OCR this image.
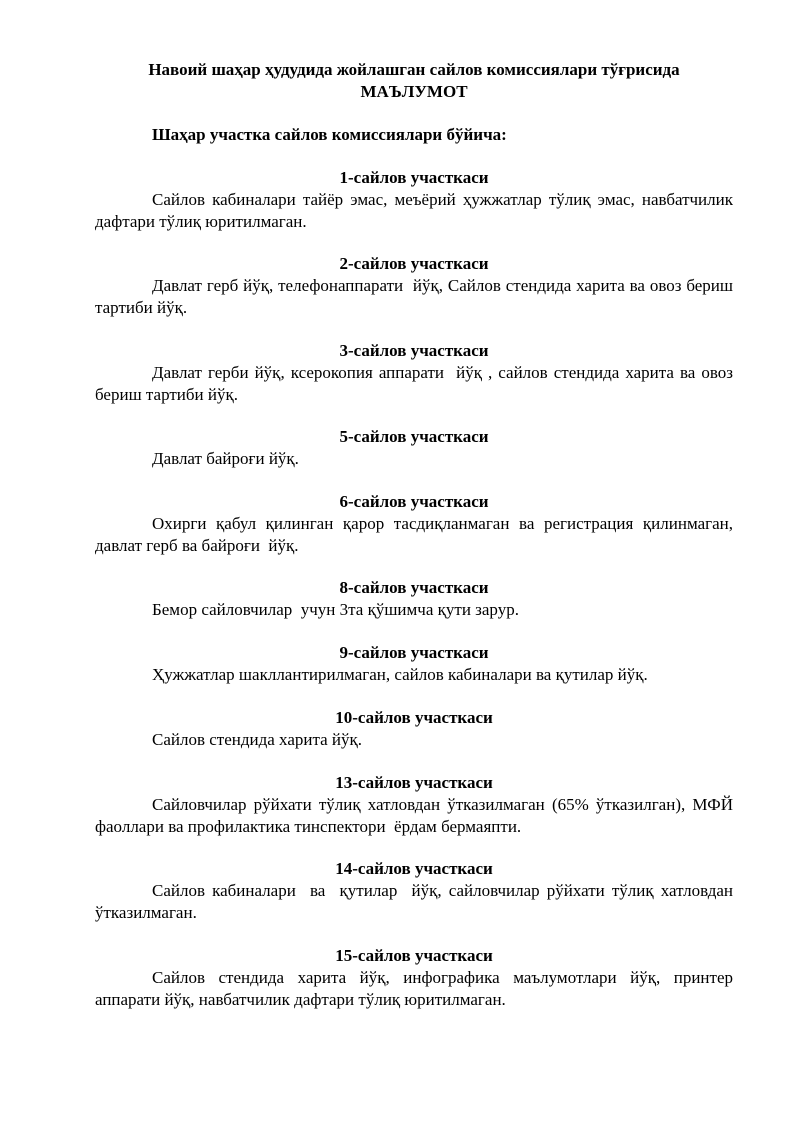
Навоий шаҳар ҳудудида жойлашган сайлов комиссиялари тўғрисида
МАЪЛУМОТ
Шаҳар участка сайлов комиссиялари бўйича:
1-сайлов участкаси
Сайлов кабиналари тайёр эмас, меъёрий ҳужжатлар тўлиқ эмас, навбатчилик дафтари тўлиқ юритилмаган.
2-сайлов участкаси
Давлат герб йўқ, телефонаппарати  йўқ, Сайлов стендида харита ва овоз бериш тартиби йўқ.
3-сайлов участкаси
Давлат герби йўқ, ксерокопия аппарати  йўқ , сайлов стендида харита ва овоз бериш тартиби йўқ.
5-сайлов участкаси
Давлат байроғи йўқ.
6-сайлов участкаси
Охирги қабул қилинган қарор тасдиқланмаган ва регистрация қилинмаган, давлат герб ва байроғи  йўқ.
8-сайлов участкаси
Бемор сайловчилар  учун 3та қўшимча қути зарур.
9-сайлов участкаси
Ҳужжатлар шакллантирилмаган, сайлов кабиналари ва қутилар йўқ.
10-сайлов участкаси
Сайлов стендида харита йўқ.
13-сайлов участкаси
Сайловчилар рўйхати тўлиқ хатловдан ўтказилмаган (65% ўтказилган), МФЙ фаоллари ва профилактика тинспектори  ёрдам бермаяпти.
14-сайлов участкаси
Сайлов кабиналари  ва  қутилар  йўқ, сайловчилар рўйхати тўлиқ хатловдан ўтказилмаган.
15-сайлов участкаси
Сайлов стендида харита йўқ, инфографика маълумотлари йўқ, принтер аппарати йўқ, навбатчилик дафтари тўлиқ юритилмаган.
